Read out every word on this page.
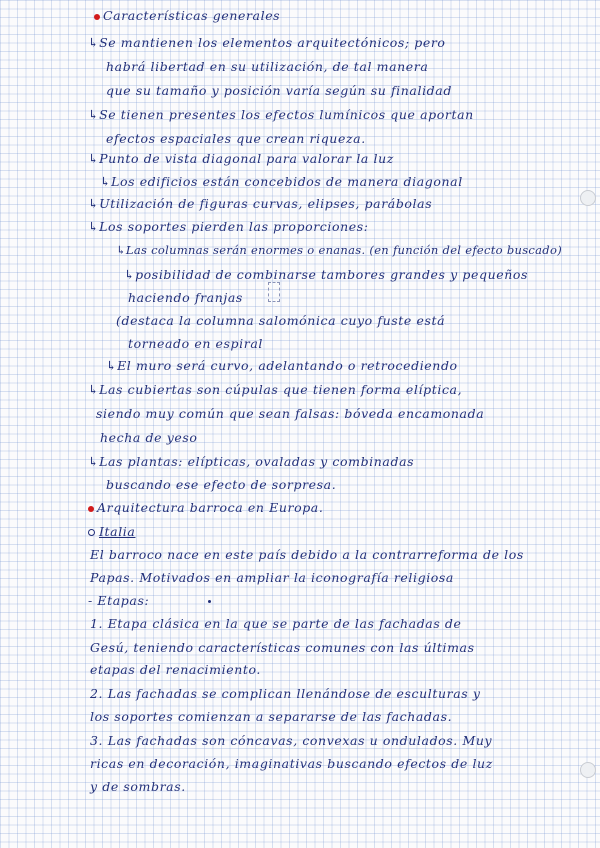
Características generales
↳Se mantienen los elementos arquitectónicos; pero
habrá libertad en su utilización, de tal manera
que su tamaño y posición varía según su finalidad
↳Se tienen presentes los efectos lumínicos que aportan
efectos espaciales que crean riqueza.
↳Punto de vista diagonal para valorar la luz
↳Los edificios están concebidos de manera diagonal
↳Utilización de figuras curvas, elipses, parábolas
↳Los soportes pierden las proporciones:
↳Las columnas serán enormes o enanas. (en función del efecto buscado)
↳posibilidad de combinarse tambores grandes y pequeños
haciendo franjas
(destaca la columna salomónica cuyo fuste está
torneado en espiral
↳El muro será curvo, adelantando o retrocediendo
↳Las cubiertas son cúpulas que tienen forma elíptica,
siendo muy común que sean falsas: bóveda encamonada
hecha de yeso
↳Las plantas: elípticas, ovaladas y combinadas
buscando ese efecto de sorpresa.
Arquitectura barroca en Europa.
Italia
El barroco nace en este país debido a la contrarreforma de los
Papas. Motivados en ampliar la iconografía religiosa
- Etapas:
1. Etapa clásica en la que se parte de las fachadas de
Gesú, teniendo características comunes con las últimas
etapas del renacimiento.
2. Las fachadas se complican llenándose de esculturas y
los soportes comienzan a separarse de las fachadas.
3. Las fachadas son cóncavas, convexas u ondulados. Muy
ricas en decoración, imaginativas buscando efectos de luz
y de sombras.
